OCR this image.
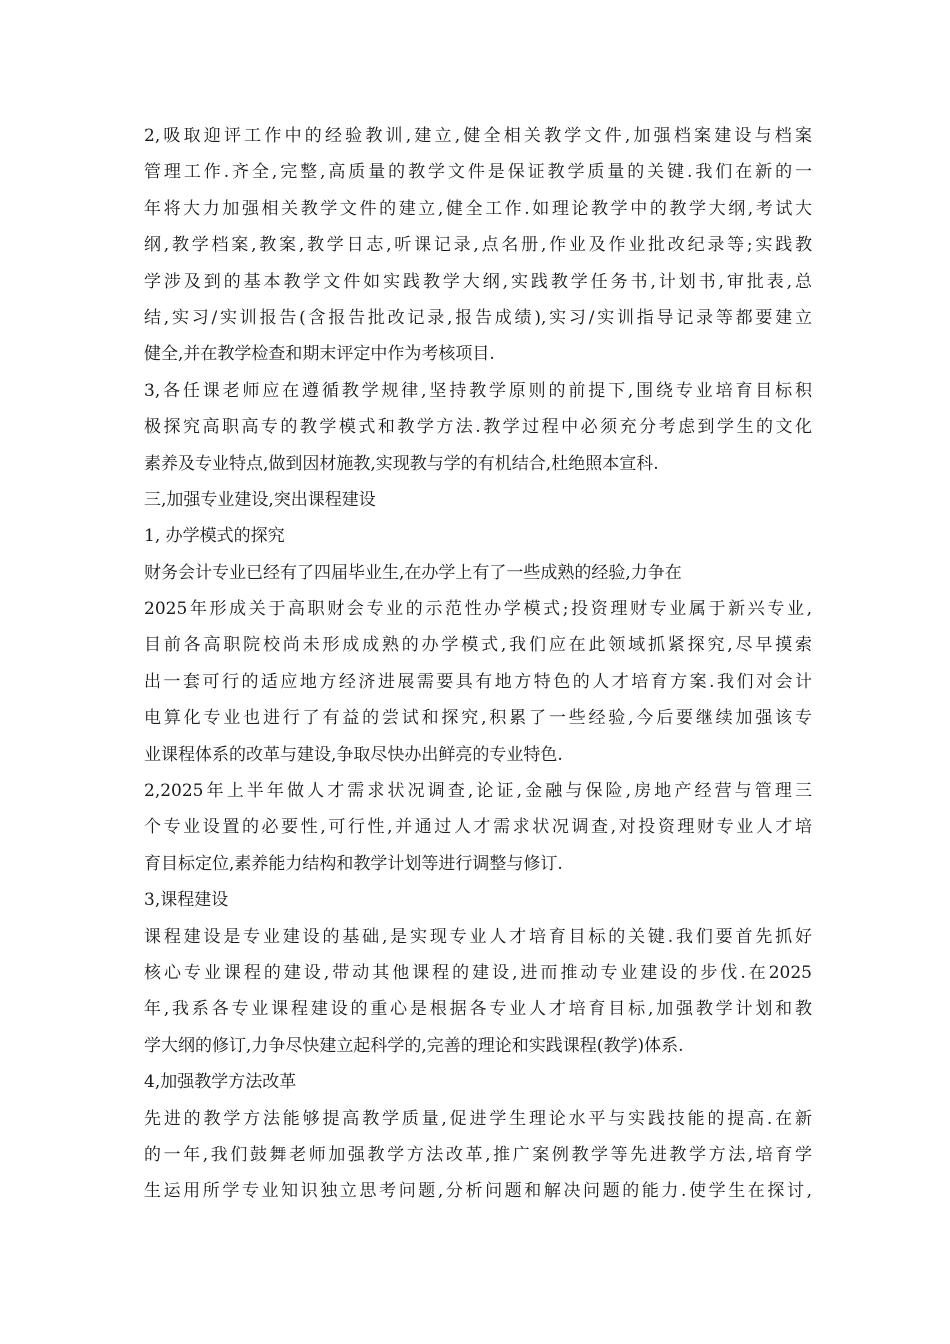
2,吸取迎评工作中的经验教训,建立,健全相关教学文件,加强档案建设与档案
管理工作.齐全,完整,高质量的教学文件是保证教学质量的关键.我们在新的一
年将大力加强相关教学文件的建立,健全工作.如理论教学中的教学大纲,考试大
纲,教学档案,教案,教学日志,听课记录,点名册,作业及作业批改纪录等;实践教
学涉及到的基本教学文件如实践教学大纲,实践教学任务书,计划书,审批表,总
结,实习/实训报告(含报告批改记录,报告成绩),实习/实训指导记录等都要建立
健全,并在教学检查和期末评定中作为考核项目.
3,各任课老师应在遵循教学规律,坚持教学原则的前提下,围绕专业培育目标积
极探究高职高专的教学模式和教学方法.教学过程中必须充分考虑到学生的文化
素养及专业特点,做到因材施教,实现教与学的有机结合,杜绝照本宣科.
三,加强专业建设,突出课程建设
1, 办学模式的探究
财务会计专业已经有了四届毕业生,在办学上有了一些成熟的经验,力争在
2025年形成关于高职财会专业的示范性办学模式;投资理财专业属于新兴专业,
目前各高职院校尚未形成成熟的办学模式,我们应在此领域抓紧探究,尽早摸索
出一套可行的适应地方经济进展需要具有地方特色的人才培育方案.我们对会计
电算化专业也进行了有益的尝试和探究,积累了一些经验,今后要继续加强该专
业课程体系的改革与建设,争取尽快办出鲜亮的专业特色.
2,2025年上半年做人才需求状况调查,论证,金融与保险,房地产经营与管理三
个专业设置的必要性,可行性,并通过人才需求状况调查,对投资理财专业人才培
育目标定位,素养能力结构和教学计划等进行调整与修订.
3,课程建设
课程建设是专业建设的基础,是实现专业人才培育目标的关键.我们要首先抓好
核心专业课程的建设,带动其他课程的建设,进而推动专业建设的步伐.在2025
年,我系各专业课程建设的重心是根据各专业人才培育目标,加强教学计划和教
学大纲的修订,力争尽快建立起科学的,完善的理论和实践课程(教学)体系.
4,加强教学方法改革
先进的教学方法能够提高教学质量,促进学生理论水平与实践技能的提高.在新
的一年,我们鼓舞老师加强教学方法改革,推广案例教学等先进教学方法,培育学
生运用所学专业知识独立思考问题,分析问题和解决问题的能力.使学生在探讨,
